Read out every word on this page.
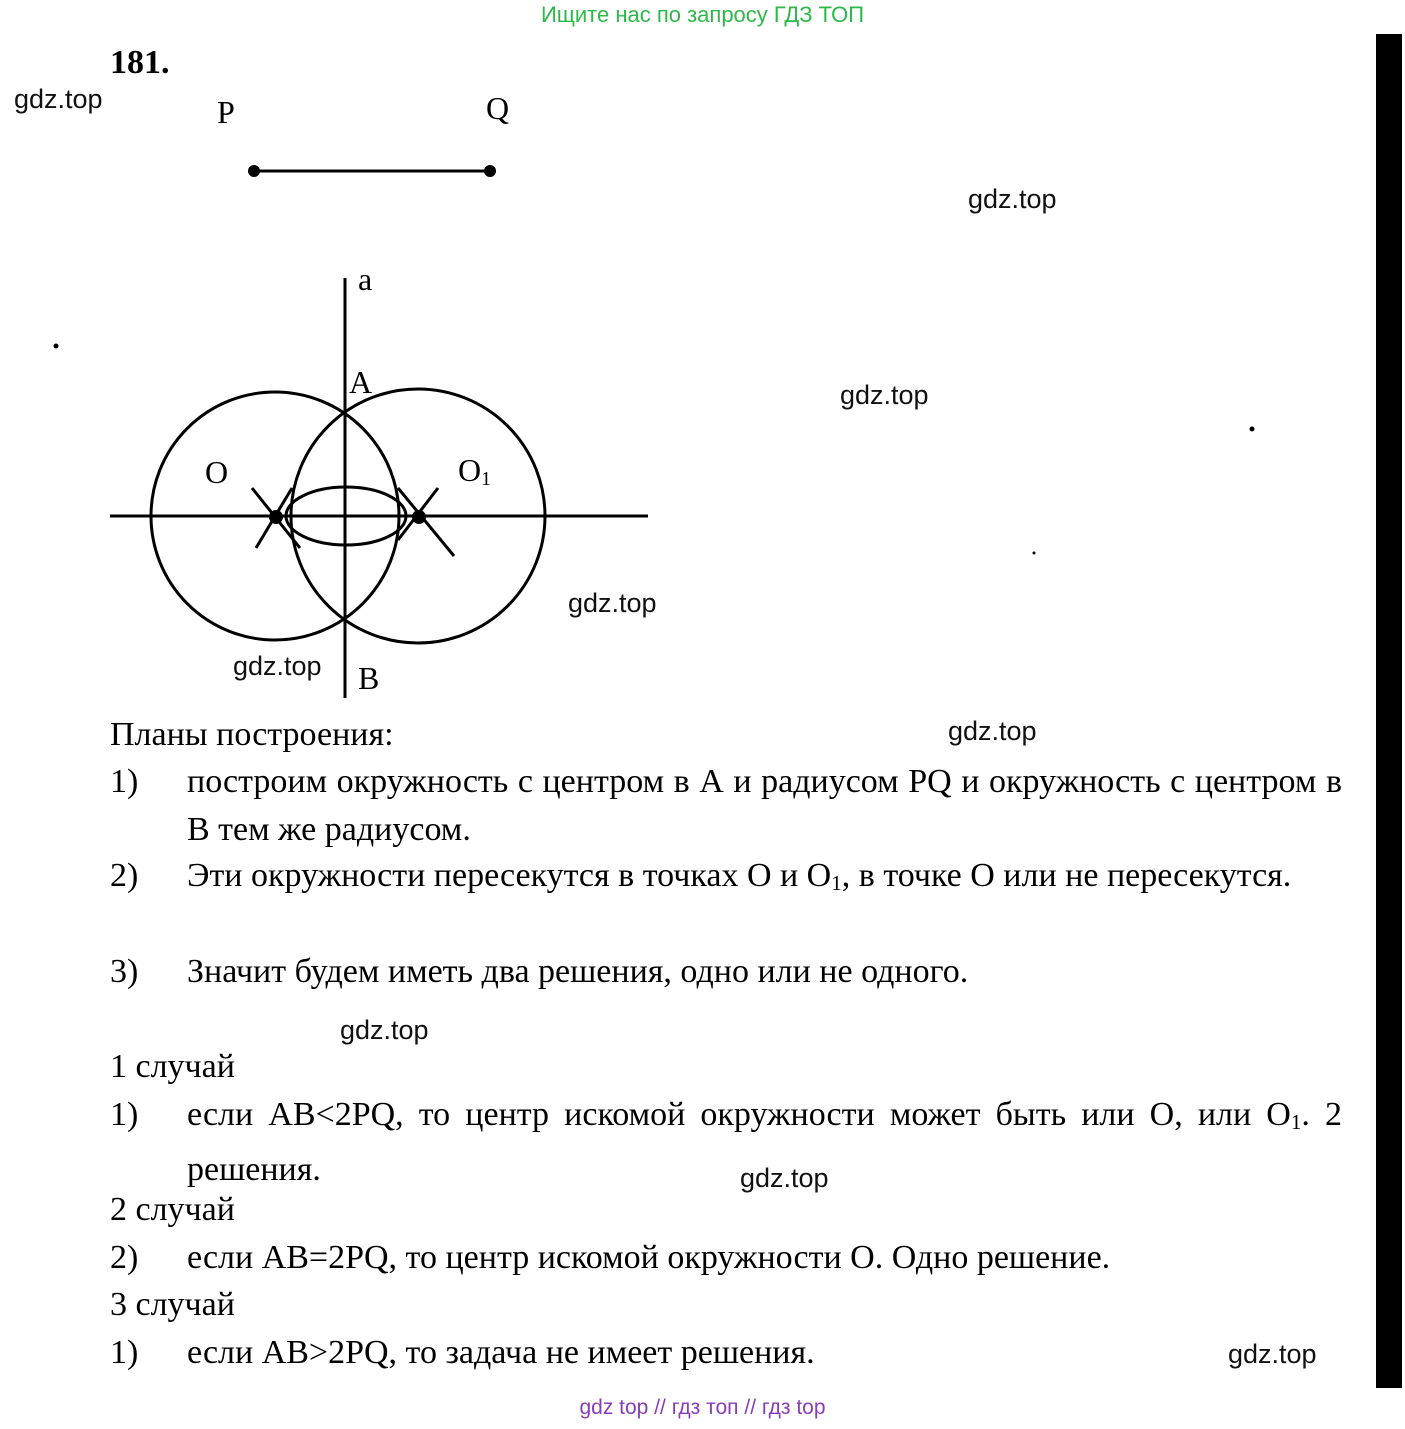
Ищите нас по запросу ГДЗ ТОП
181.
gdz.top
gdz.top
gdz.top
gdz.top
gdz.top
gdz.top
gdz.top
gdz.top
gdz.top
P	Q
a
A
B
O	$O_1$
Планы построения:
1) построим окружность с центром в А и радиусом PQ и окружность с центром в В тем же радиусом.
2) Эти окружности пересекутся в точках О и $О_1$, в точке О или не пересекутся.
3) Значит будем иметь два решения, одно или не одного.
1 случай
1) если AB<2PQ, то центр искомой окружности может быть или О, или $О_1$. 2 решения.
2 случай
2) если AB=2PQ, то центр искомой окружности О. Одно решение.
3 случай
1) если AB>2PQ, то задача не имеет решения.
gdz top // гдз топ // гдз top
